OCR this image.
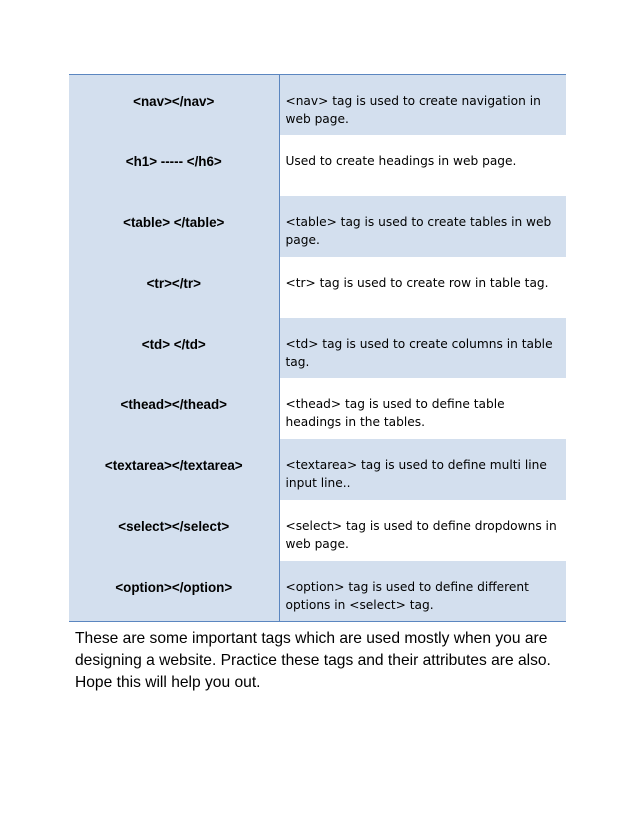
<nav></nav>	<nav> tag is used to create navigation in web page.
<h1> ----- </h6>	Used to create headings in web page.
<table> </table>	<table> tag is used to create tables in web page.
<tr></tr>	<tr> tag is used to create row in table tag.
<td> </td>	<td> tag is used to create columns in table tag.
<thead></thead>	<thead> tag is used to define table headings in the tables.
<textarea></textarea>	<textarea> tag is used to define multi line input line..
<select></select>	<select> tag is used to define dropdowns in web page.
<option></option>	<option> tag is used to define different options in <select> tag.

These are some important tags which are used mostly when you are designing a website. Practice these tags and their attributes are also. Hope this will help you out.
